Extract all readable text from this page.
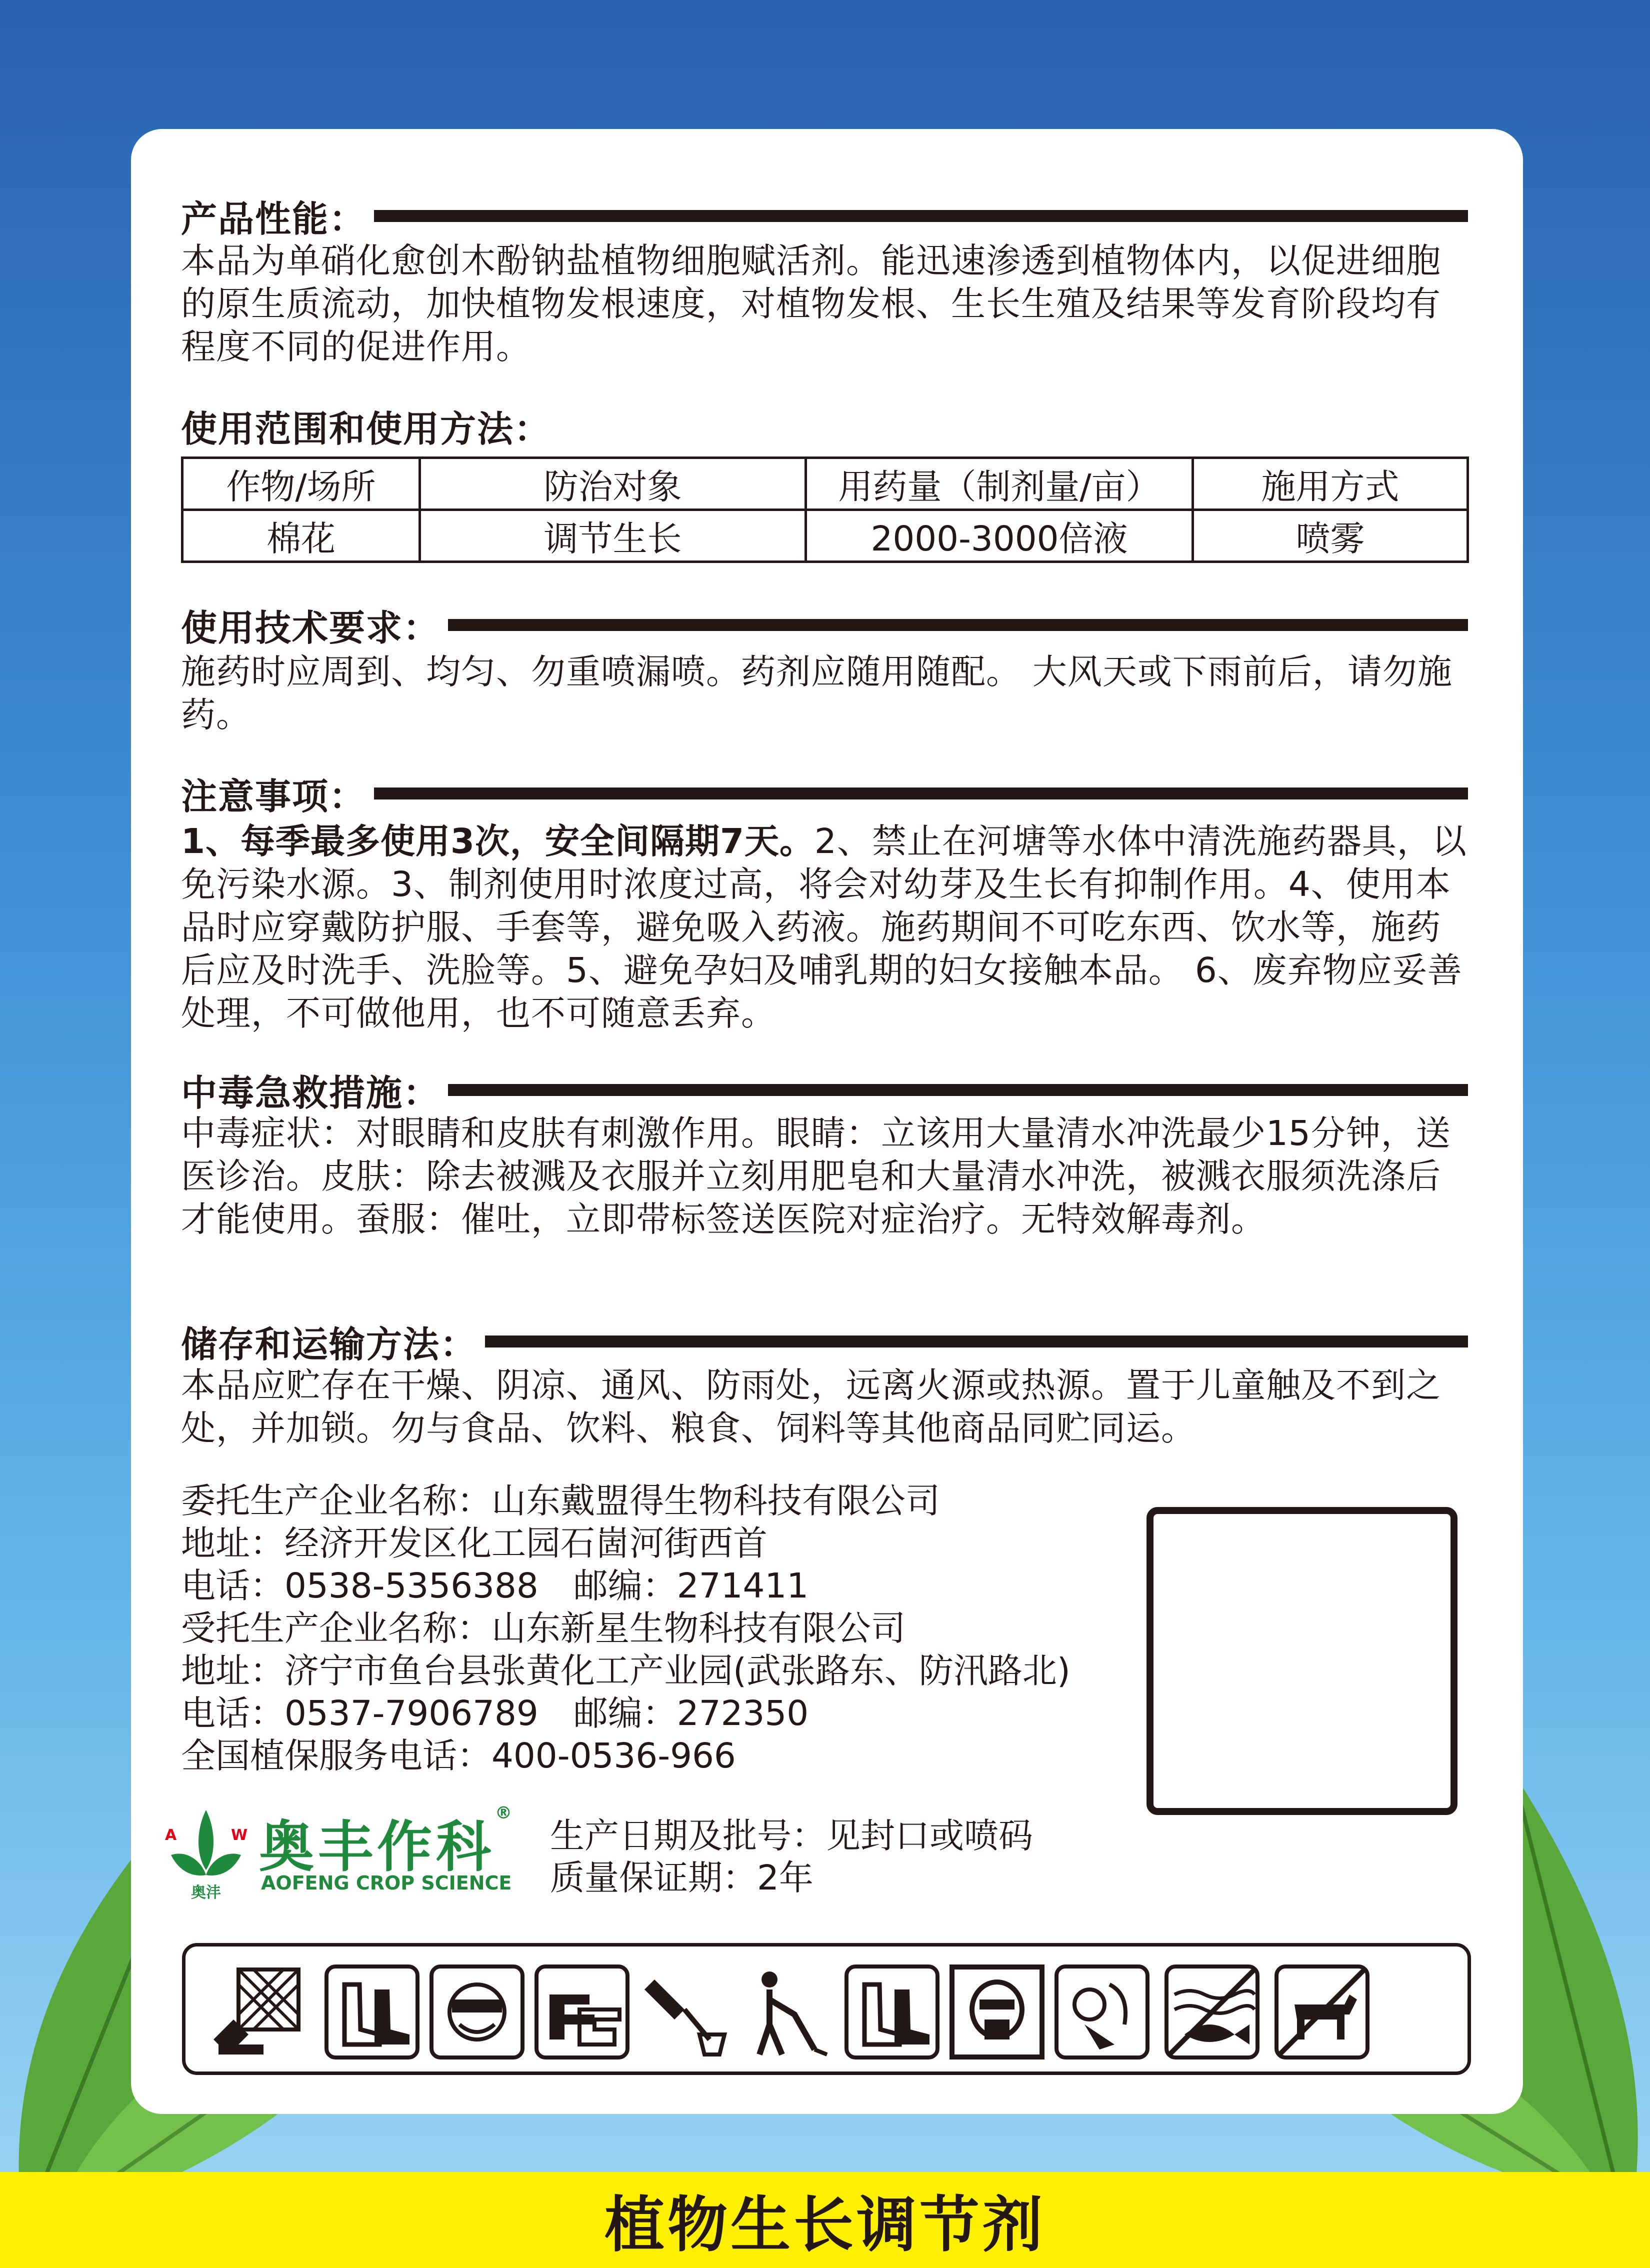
产品性能：

本品为单硝化愈创木酚钠盐植物细胞赋活剂。能迅速渗透到植物体内，以促进细胞的原生质流动，加快植物发根速度，对植物发根、生长生殖及结果等发育阶段均有程度不同的促进作用。

使用范围和使用方法：
作物/场所	防治对象	用药量（制剂量/亩）	施用方式
棉花	调节生长	2000-3000倍液	喷雾
使用技术要求：

施药时应周到、均匀、勿重喷漏喷。药剂应随用随配。 大风天或下雨前后，请勿施药。

注意事项：

1、每季最多使用3次，安全间隔期7天。2、禁止在河塘等水体中清洗施药器具，以免污染水源。3、制剂使用时浓度过高，将会对幼芽及生长有抑制作用。4、使用本品时应穿戴防护服、手套等，避免吸入药液。施药期间不可吃东西、饮水等，施药后应及时洗手、洗脸等。5、避免孕妇及哺乳期的妇女接触本品。 6、废弃物应妥善处理，不可做他用，也不可随意丢弃。

中毒急救措施：

中毒症状：对眼睛和皮肤有刺激作用。眼睛：立该用大量清水冲洗最少15分钟，送医诊治。皮肤：除去被溅及衣服并立刻用肥皂和大量清水冲洗，被溅衣服须洗涤后才能使用。蚕服：催吐，立即带标签送医院对症治疗。无特效解毒剂。

储存和运输方法：

本品应贮存在干燥、阴凉、通风、防雨处，远离火源或热源。置于儿童触及不到之处，并加锁。勿与食品、饮料、粮食、饲料等其他商品同贮同运。

委托生产企业名称：山东戴盟得生物科技有限公司
地址：经济开发区化工园石崮河街西首
电话：0538-5356388 邮编：271411
受托生产企业名称：山东新星生物科技有限公司
地址：济宁市鱼台县张黄化工产业园(武张路东、防汛路北)
电话：0537-7906789 邮编：272350
全国植保服务电话：400-0536-966
A	W
奥沣
奥丰作科®
AOFENG CROP SCIENCE
生产日期及批号：见封口或喷码
质量保证期：2年
植物生长调节剂
